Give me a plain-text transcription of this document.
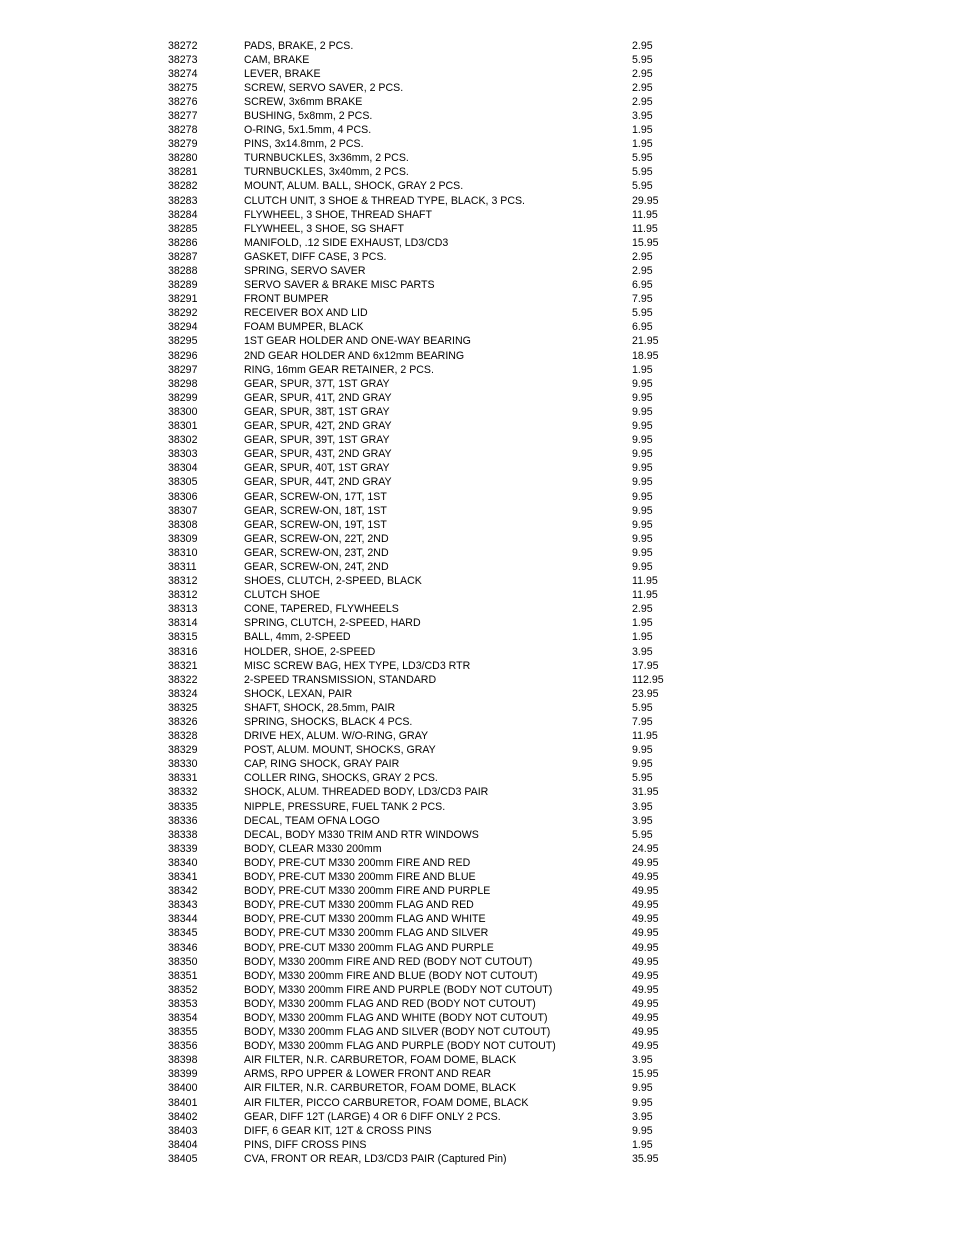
38272	PADS, BRAKE, 2 PCS.	2.95
38273	CAM, BRAKE	5.95
38274	LEVER, BRAKE	2.95
38275	SCREW, SERVO SAVER, 2 PCS.	2.95
38276	SCREW, 3x6mm BRAKE	2.95
38277	BUSHING, 5x8mm, 2 PCS.	3.95
38278	O-RING, 5x1.5mm, 4 PCS.	1.95
38279	PINS, 3x14.8mm, 2 PCS.	1.95
38280	TURNBUCKLES, 3x36mm, 2 PCS.	5.95
38281	TURNBUCKLES, 3x40mm, 2 PCS.	5.95
38282	MOUNT, ALUM. BALL, SHOCK, GRAY 2 PCS.	5.95
38283	CLUTCH UNIT, 3 SHOE & THREAD TYPE, BLACK, 3 PCS.	29.95
38284	FLYWHEEL, 3 SHOE, THREAD SHAFT	11.95
38285	FLYWHEEL, 3 SHOE, SG SHAFT	11.95
38286	MANIFOLD, .12 SIDE EXHAUST, LD3/CD3	15.95
38287	GASKET, DIFF CASE, 3 PCS.	2.95
38288	SPRING, SERVO SAVER	2.95
38289	SERVO SAVER & BRAKE MISC PARTS	6.95
38291	FRONT BUMPER	7.95
38292	RECEIVER BOX AND LID	5.95
38294	FOAM BUMPER, BLACK	6.95
38295	1ST GEAR HOLDER AND ONE-WAY BEARING	21.95
38296	2ND GEAR HOLDER AND 6x12mm BEARING	18.95
38297	RING, 16mm GEAR RETAINER, 2 PCS.	1.95
38298	GEAR, SPUR, 37T, 1ST GRAY	9.95
38299	GEAR, SPUR, 41T, 2ND GRAY	9.95
38300	GEAR, SPUR, 38T, 1ST GRAY	9.95
38301	GEAR, SPUR, 42T, 2ND GRAY	9.95
38302	GEAR, SPUR, 39T, 1ST GRAY	9.95
38303	GEAR, SPUR, 43T, 2ND GRAY	9.95
38304	GEAR, SPUR, 40T, 1ST GRAY	9.95
38305	GEAR, SPUR, 44T, 2ND GRAY	9.95
38306	GEAR, SCREW-ON, 17T, 1ST	9.95
38307	GEAR, SCREW-ON, 18T, 1ST	9.95
38308	GEAR, SCREW-ON, 19T, 1ST	9.95
38309	GEAR, SCREW-ON, 22T, 2ND	9.95
38310	GEAR, SCREW-ON, 23T, 2ND	9.95
38311	GEAR, SCREW-ON, 24T, 2ND	9.95
38312	SHOES, CLUTCH, 2-SPEED, BLACK	11.95
38312	CLUTCH SHOE	11.95
38313	CONE, TAPERED, FLYWHEELS	2.95
38314	SPRING, CLUTCH, 2-SPEED, HARD	1.95
38315	BALL, 4mm, 2-SPEED	1.95
38316	HOLDER, SHOE, 2-SPEED	3.95
38321	MISC SCREW BAG, HEX TYPE, LD3/CD3 RTR	17.95
38322	2-SPEED TRANSMISSION, STANDARD	112.95
38324	SHOCK, LEXAN, PAIR	23.95
38325	SHAFT, SHOCK, 28.5mm, PAIR	5.95
38326	SPRING, SHOCKS, BLACK 4 PCS.	7.95
38328	DRIVE HEX, ALUM. W/O-RING, GRAY	11.95
38329	POST, ALUM. MOUNT, SHOCKS, GRAY	9.95
38330	CAP, RING SHOCK, GRAY PAIR	9.95
38331	COLLER RING, SHOCKS, GRAY 2 PCS.	5.95
38332	SHOCK, ALUM. THREADED BODY, LD3/CD3 PAIR	31.95
38335	NIPPLE, PRESSURE, FUEL TANK 2 PCS.	3.95
38336	DECAL, TEAM OFNA LOGO	3.95
38338	DECAL, BODY M330 TRIM AND RTR WINDOWS	5.95
38339	BODY, CLEAR M330 200mm	24.95
38340	BODY, PRE-CUT M330 200mm FIRE AND RED	49.95
38341	BODY, PRE-CUT M330 200mm FIRE AND BLUE	49.95
38342	BODY, PRE-CUT M330 200mm FIRE AND PURPLE	49.95
38343	BODY, PRE-CUT M330 200mm FLAG AND RED	49.95
38344	BODY, PRE-CUT M330 200mm FLAG AND WHITE	49.95
38345	BODY, PRE-CUT M330 200mm FLAG AND SILVER	49.95
38346	BODY, PRE-CUT M330 200mm FLAG AND PURPLE	49.95
38350	BODY, M330 200mm FIRE AND RED (BODY NOT CUTOUT)	49.95
38351	BODY, M330 200mm FIRE AND BLUE (BODY NOT CUTOUT)	49.95
38352	BODY, M330 200mm FIRE AND PURPLE (BODY NOT CUTOUT)	49.95
38353	BODY, M330 200mm FLAG AND RED (BODY NOT CUTOUT)	49.95
38354	BODY, M330 200mm FLAG AND WHITE (BODY NOT CUTOUT)	49.95
38355	BODY, M330 200mm FLAG AND SILVER (BODY NOT CUTOUT)	49.95
38356	BODY, M330 200mm FLAG AND PURPLE (BODY NOT CUTOUT)	49.95
38398	AIR FILTER, N.R. CARBURETOR, FOAM DOME, BLACK	3.95
38399	ARMS, RPO UPPER & LOWER FRONT AND REAR	15.95
38400	AIR FILTER, N.R. CARBURETOR, FOAM DOME, BLACK	9.95
38401	AIR FILTER, PICCO CARBURETOR, FOAM DOME, BLACK	9.95
38402	GEAR, DIFF 12T (LARGE) 4 OR 6 DIFF ONLY 2 PCS.	3.95
38403	DIFF, 6 GEAR KIT, 12T & CROSS PINS	9.95
38404	PINS, DIFF CROSS PINS	1.95
38405	CVA, FRONT OR REAR, LD3/CD3 PAIR (Captured Pin)	35.95
